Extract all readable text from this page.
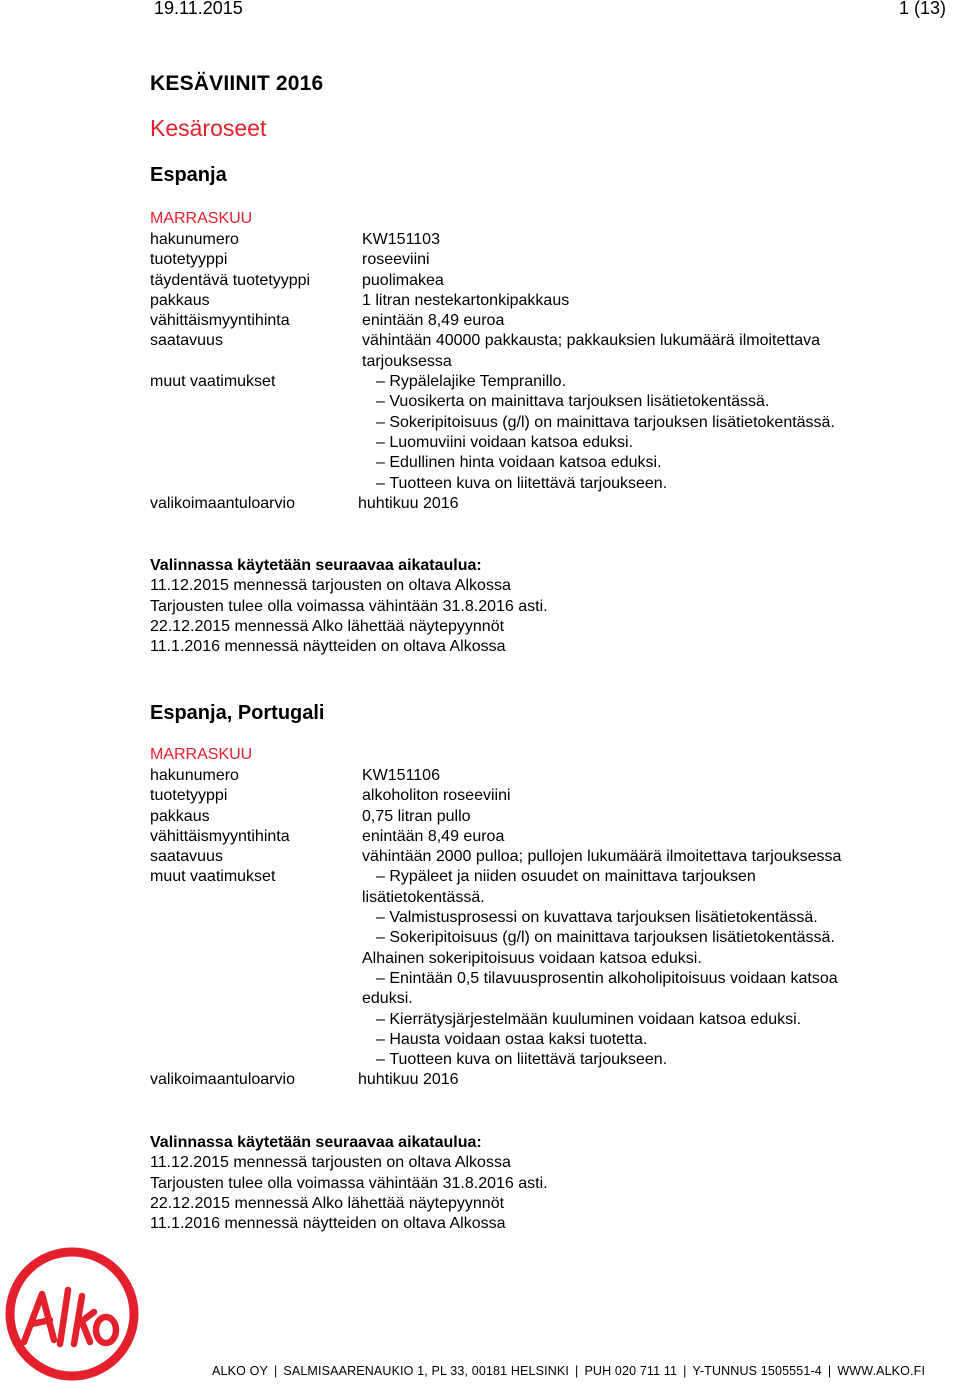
19.11.2015	1 (13)
KESÄVIINIT 2016
Kesäroseet
Espanja
MARRASKUU
hakunumero	KW151103
tuotetyyppi	roseeviini
täydentävä tuotetyyppi	puolimakea
pakkaus	1 litran nestekartonkipakkaus
vähittäismyyntihinta	enintään 8,49 euroa
saatavuus	vähintään 40000 pakkausta; pakkauksien lukumäärä ilmoitettava tarjouksessa
muut vaatimukset	– Rypälelajike Tempranillo.
– Vuosikerta on mainittava tarjouksen lisätietokentässä.
– Sokeripitoisuus (g/l) on mainittava tarjouksen lisätietokentässä.
– Luomuviini voidaan katsoa eduksi.
– Edullinen hinta voidaan katsoa eduksi.
– Tuotteen kuva on liitettävä tarjoukseen.
valikoimaantuloarvio	huhtikuu 2016
Valinnassa käytetään seuraavaa aikataulua:
11.12.2015 mennessä tarjousten on oltava Alkossa
Tarjousten tulee olla voimassa vähintään 31.8.2016 asti.
22.12.2015 mennessä Alko lähettää näytepyynnöt
11.1.2016 mennessä näytteiden on oltava Alkossa
Espanja, Portugali
MARRASKUU
hakunumero	KW151106
tuotetyyppi	alkoholiton roseeviini
pakkaus	0,75 litran pullo
vähittäismyyntihinta	enintään 8,49 euroa
saatavuus	vähintään 2000 pulloa; pullojen lukumäärä ilmoitettava tarjouksessa
muut vaatimukset	– Rypäleet ja niiden osuudet on mainittava tarjouksen lisätietokentässä.
– Valmistusprosessi on kuvattava tarjouksen lisätietokentässä.
– Sokeripitoisuus (g/l) on mainittava tarjouksen lisätietokentässä. Alhainen sokeripitoisuus voidaan katsoa eduksi.
– Enintään 0,5 tilavuusprosentin alkoholipitoisuus voidaan katsoa eduksi.
– Kierrätysjärjestelmään kuuluminen voidaan katsoa eduksi.
– Hausta voidaan ostaa kaksi tuotetta.
– Tuotteen kuva on liitettävä tarjoukseen.
valikoimaantuloarvio	huhtikuu 2016
Valinnassa käytetään seuraavaa aikataulua:
11.12.2015 mennessä tarjousten on oltava Alkossa
Tarjousten tulee olla voimassa vähintään 31.8.2016 asti.
22.12.2015 mennessä Alko lähettää näytepyynnöt
11.1.2016 mennessä näytteiden on oltava Alkossa
ALKO OY | SALMISAARENAUKIO 1, PL 33, 00181 HELSINKI | PUH 020 711 11 | Y-TUNNUS 1505551-4 | WWW.ALKO.FI
